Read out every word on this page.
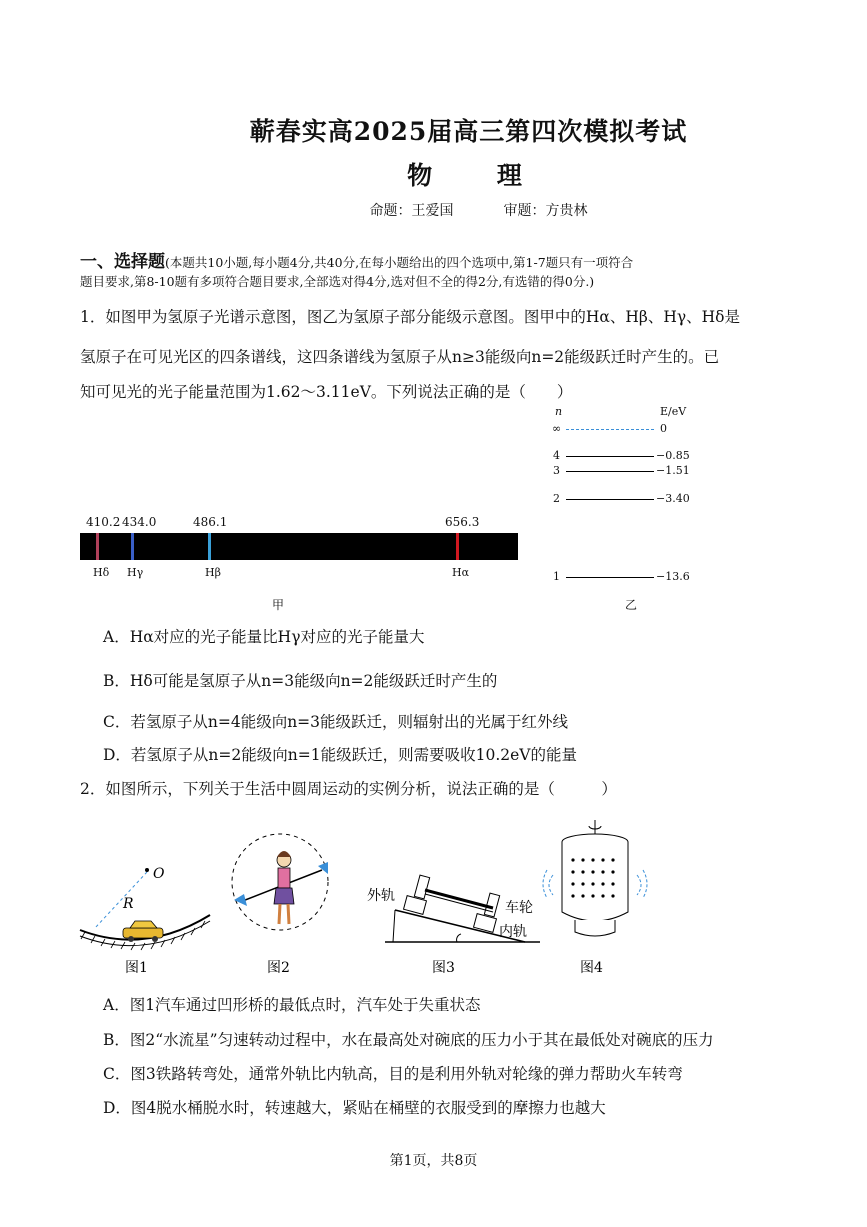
蕲春实高2025届高三第四次模拟考试
物 理
命题：王爱国	审题：方贵林
一、选择题(本题共10小题,每小题4分,共40分,在每小题给出的四个选项中,第1-7题只有一项符合
题目要求,第8-10题有多项符合题目要求,全部选对得4分,选对但不全的得2分,有选错的得0分.)
1．如图甲为氢原子光谱示意图，图乙为氢原子部分能级示意图。图甲中的Hα、Hβ、Hγ、Hδ是
氢原子在可见光区的四条谱线，这四条谱线为氢原子从n≥3能级向n=2能级跃迁时产生的。已
知可见光的光子能量范围为1.62～3.11eV。下列说法正确的是（　　）
410.2 434.0	486.1	656.3
Hδ Hγ	Hβ	Hα
甲
n	E/eV
∞	0
4	−0.85
3	−1.51
2	−3.40
1	−13.6
乙
A．Hα对应的光子能量比Hγ对应的光子能量大
B．Hδ可能是氢原子从n=3能级向n=2能级跃迁时产生的
C．若氢原子从n=4能级向n=3能级跃迁，则辐射出的光属于红外线
D．若氢原子从n=2能级向n=1能级跃迁，则需要吸收10.2eV的能量
2．如图所示，下列关于生活中圆周运动的实例分析，说法正确的是（　　　）
O
R
图1	图2
外轨
车轮
内轨
图3	图4
A．图1汽车通过凹形桥的最低点时，汽车处于失重状态
B．图2“水流星”匀速转动过程中，水在最高处对碗底的压力小于其在最低处对碗底的压力
C．图3铁路转弯处，通常外轨比内轨高，目的是利用外轨对轮缘的弹力帮助火车转弯
D．图4脱水桶脱水时，转速越大，紧贴在桶壁的衣服受到的摩擦力也越大
第1页，共8页
